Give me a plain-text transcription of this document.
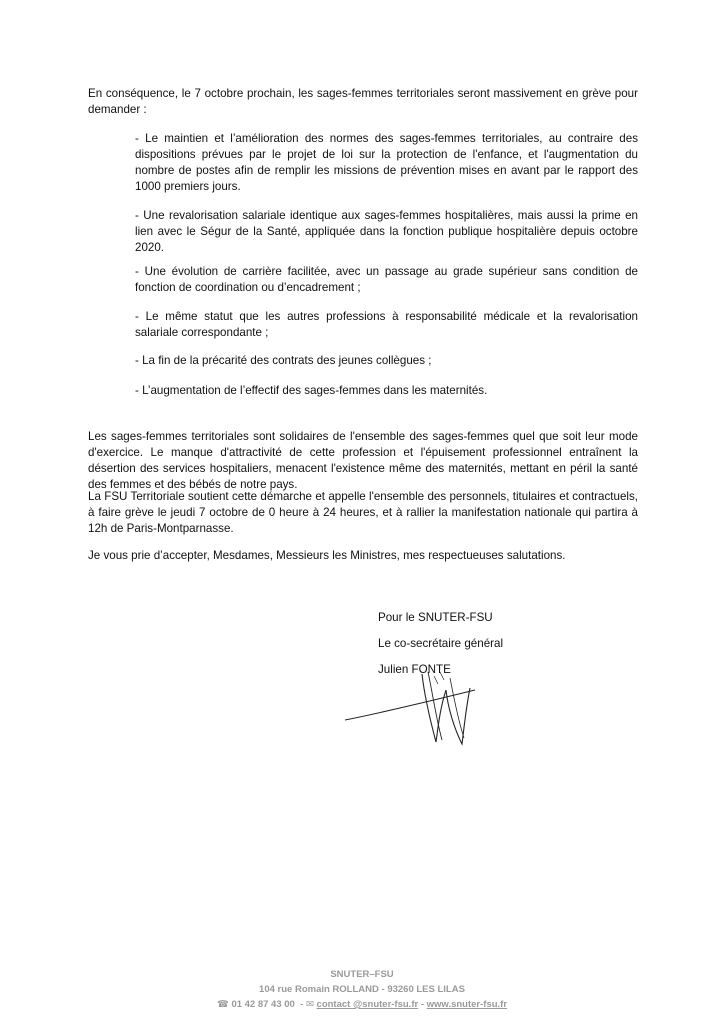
En conséquence, le 7 octobre prochain, les sages-femmes territoriales seront massivement en grève pour demander :

- Le maintien et l’amélioration des normes des sages-femmes territoriales, au contraire des dispositions prévues par le projet de loi sur la protection de l'enfance, et l'augmentation du nombre de postes afin de remplir les missions de prévention mises en avant par le rapport des 1000 premiers jours.

- Une revalorisation salariale identique aux sages-femmes hospitalières, mais aussi la prime en lien avec le Ségur de la Santé, appliquée dans la fonction publique hospitalière depuis octobre 2020.

- Une évolution de carrière facilitée, avec un passage au grade supérieur sans condition de fonction de coordination ou d’encadrement ;

- Le même statut que les autres professions à responsabilité médicale et la revalorisation salariale correspondante ;

- La fin de la précarité des contrats des jeunes collègues ;

- L’augmentation de l’effectif des sages-femmes dans les maternités.

Les sages-femmes territoriales sont solidaires de l'ensemble des sages-femmes quel que soit leur mode d'exercice. Le manque d'attractivité de cette profession et l'épuisement professionnel entraînent la désertion des services hospitaliers, menacent l'existence même des maternités, mettant en péril la santé des femmes et des bébés de notre pays.

La FSU Territoriale soutient cette démarche et appelle l'ensemble des personnels, titulaires et contractuels, à faire grève le jeudi 7 octobre de 0 heure à 24 heures, et à rallier la manifestation nationale qui partira à 12h de Paris-Montparnasse.

Je vous prie d’accepter, Mesdames, Messieurs les Ministres, mes respectueuses salutations.

Pour le SNUTER-FSU
Le co-secrétaire général
Julien FONTE
SNUTER–FSU
104 rue Romain ROLLAND - 93260 LES LILAS
☎ 01 42 87 43 00 - ✉ contact @snuter-fsu.fr - www.snuter-fsu.fr
